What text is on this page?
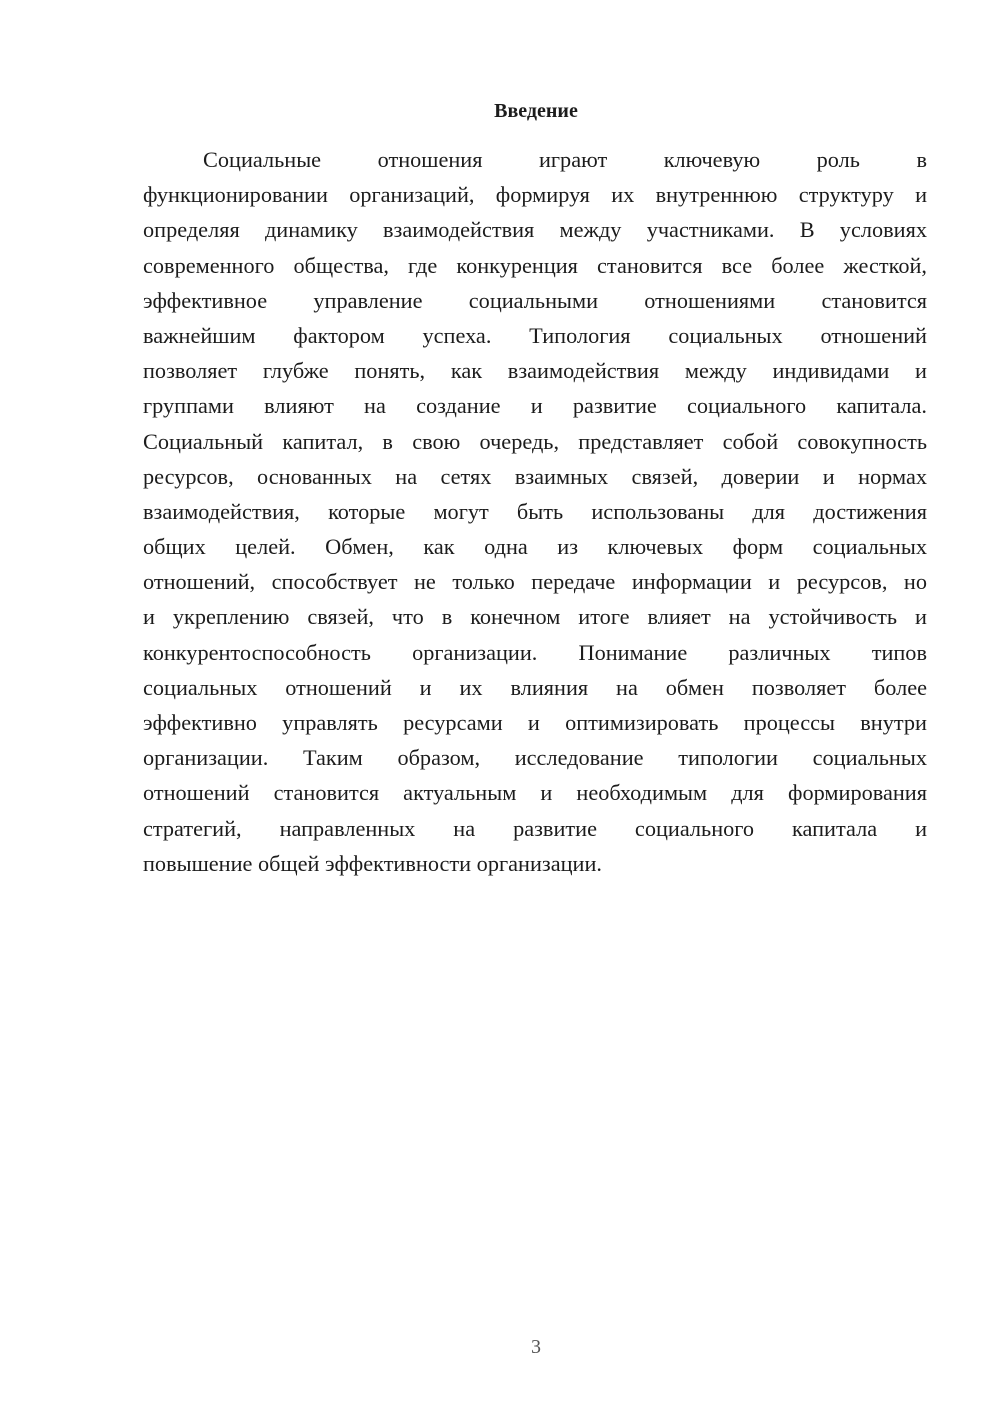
Введение
Социальные отношения играют ключевую роль в
функционировании организаций, формируя их внутреннюю структуру и
определяя динамику взаимодействия между участниками. В условиях
современного общества, где конкуренция становится все более жесткой,
эффективное управление социальными отношениями становится
важнейшим фактором успеха. Типология социальных отношений
позволяет глубже понять, как взаимодействия между индивидами и
группами влияют на создание и развитие социального капитала.
Социальный капитал, в свою очередь, представляет собой совокупность
ресурсов, основанных на сетях взаимных связей, доверии и нормах
взаимодействия, которые могут быть использованы для достижения
общих целей. Обмен, как одна из ключевых форм социальных
отношений, способствует не только передаче информации и ресурсов, но
и укреплению связей, что в конечном итоге влияет на устойчивость и
конкурентоспособность организации. Понимание различных типов
социальных отношений и их влияния на обмен позволяет более
эффективно управлять ресурсами и оптимизировать процессы внутри
организации. Таким образом, исследование типологии социальных
отношений становится актуальным и необходимым для формирования
стратегий, направленных на развитие социального капитала и
повышение общей эффективности организации.
3
